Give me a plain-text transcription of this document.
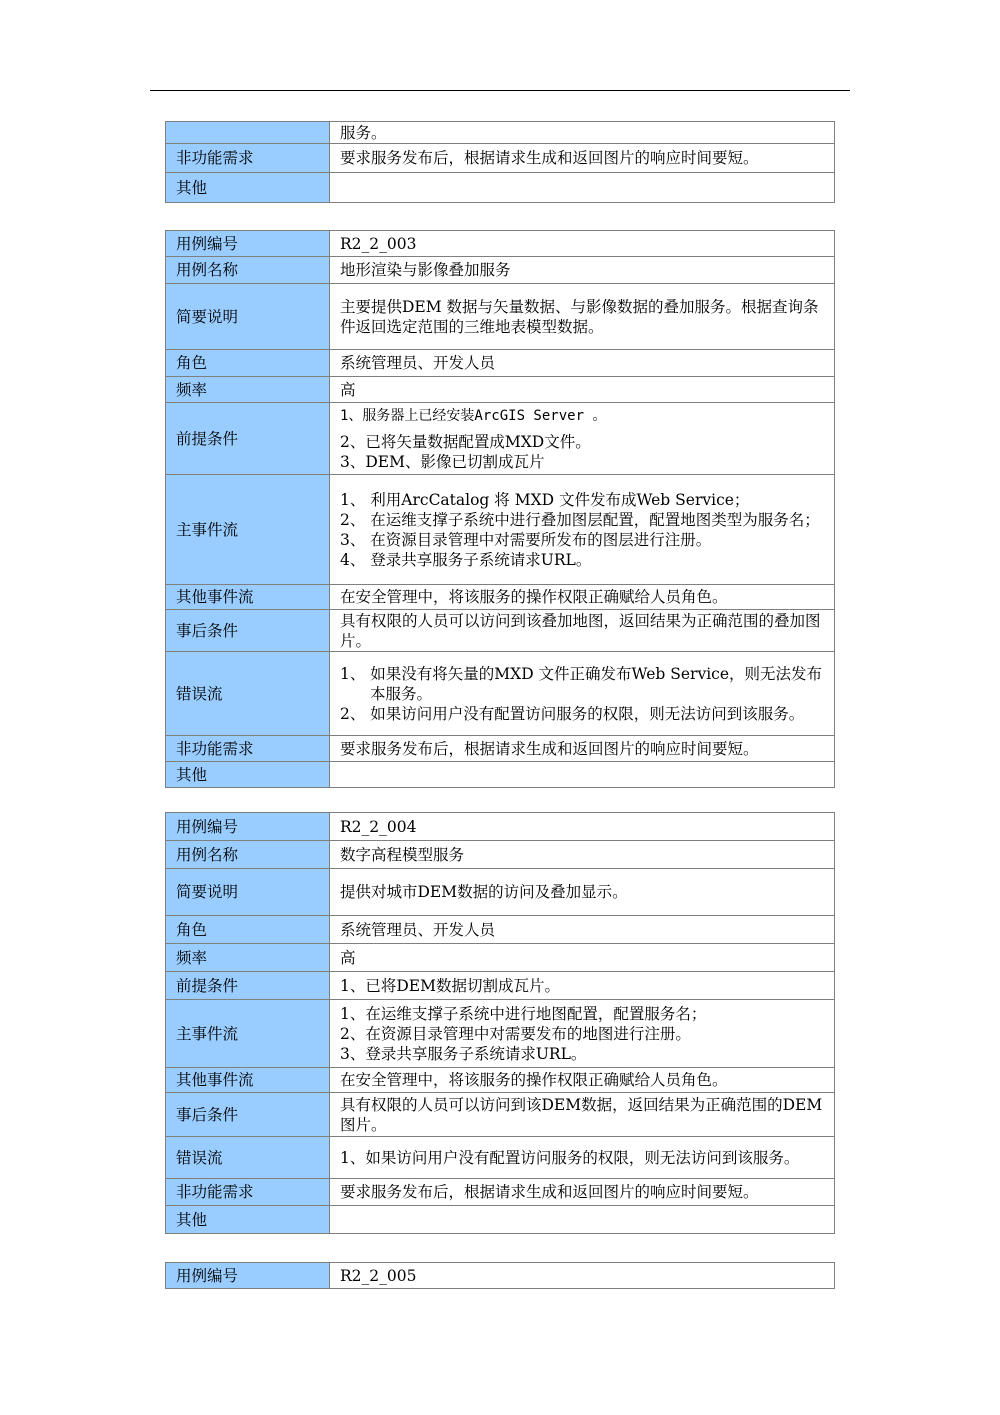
	服务。
非功能需求	要求服务发布后，根据请求生成和返回图片的响应时间要短。
其他	
用例编号	R2_2_003
用例名称	地形渲染与影像叠加服务
简要说明	主要提供DEM 数据与矢量数据、与影像数据的叠加服务。根据查询条件返回选定范围的三维地表模型数据。
角色	系统管理员、开发人员
频率	高
前提条件	1、服务器上已经安装ArcGIS Server 。
2、已将矢量数据配置成MXD文件。
3、DEM、影像已切割成瓦片

主事件流	1、 利用ArcCatalog 将 MXD 文件发布成Web Service；
2、 在运维支撑子系统中进行叠加图层配置，配置地图类型为服务名；
3、 在资源目录管理中对需要所发布的图层进行注册。
4、 登录共享服务子系统请求URL。

其他事件流	在安全管理中，将该服务的操作权限正确赋给人员角色。
事后条件	具有权限的人员可以访问到该叠加地图，返回结果为正确范围的叠加图片。
错误流	1、 如果没有将矢量的MXD 文件正确发布Web Service，则无法发布本服务。
2、 如果访问用户没有配置访问服务的权限，则无法访问到该服务。

非功能需求	要求服务发布后，根据请求生成和返回图片的响应时间要短。
其他	
用例编号	R2_2_004
用例名称	数字高程模型服务
简要说明	提供对城市DEM数据的访问及叠加显示。
角色	系统管理员、开发人员
频率	高
前提条件	1、已将DEM数据切割成瓦片。
主事件流	1、在运维支撑子系统中进行地图配置，配置服务名；
2、在资源目录管理中对需要发布的地图进行注册。
3、登录共享服务子系统请求URL。

其他事件流	在安全管理中，将该服务的操作权限正确赋给人员角色。
事后条件	具有权限的人员可以访问到该DEM数据，返回结果为正确范围的DEM图片。
错误流	1、如果访问用户没有配置访问服务的权限，则无法访问到该服务。
非功能需求	要求服务发布后，根据请求生成和返回图片的响应时间要短。
其他	
用例编号	R2_2_005
